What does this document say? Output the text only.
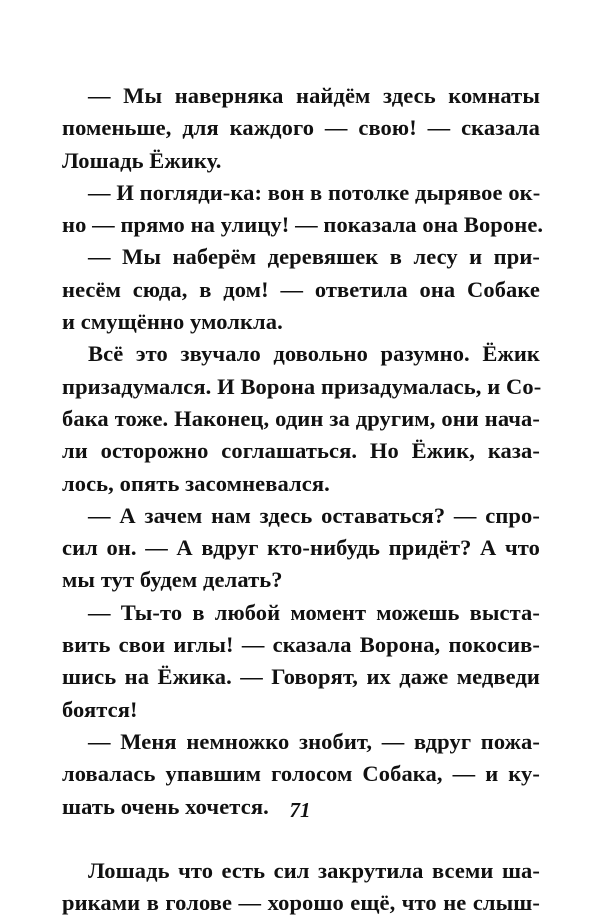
— Мы наверняка найдём здесь комнаты
поменьше, для каждого — свою! — сказала
Лошадь Ёжику.
— И погляди-ка: вон в потолке дырявое ок-
но — прямо на улицу! — показала она Вороне.
— Мы наберём деревяшек в лесу и при-
несём сюда, в дом! — ответила она Собаке
и смущённо умолкла.
Всё это звучало довольно разумно. Ёжик
призадумался. И Ворона призадумалась, и Со-
бака тоже. Наконец, один за другим, они нача-
ли осторожно соглашаться. Но Ёжик, каза-
лось, опять засомневался.
— А зачем нам здесь оставаться? — спро-
сил он. — А вдруг кто-нибудь придёт? А что
мы тут будем делать?
— Ты-то в любой момент можешь выста-
вить свои иглы! — сказала Ворона, покосив-
шись на Ёжика. — Говорят, их даже медведи
боятся!
— Меня немножко знобит, — вдруг пожа-
ловалась упавшим голосом Собака, — и ку-
шать очень хочется.
Лошадь что есть сил закрутила всеми ша-
риками в голове — хорошо ещё, что не слыш-
71
